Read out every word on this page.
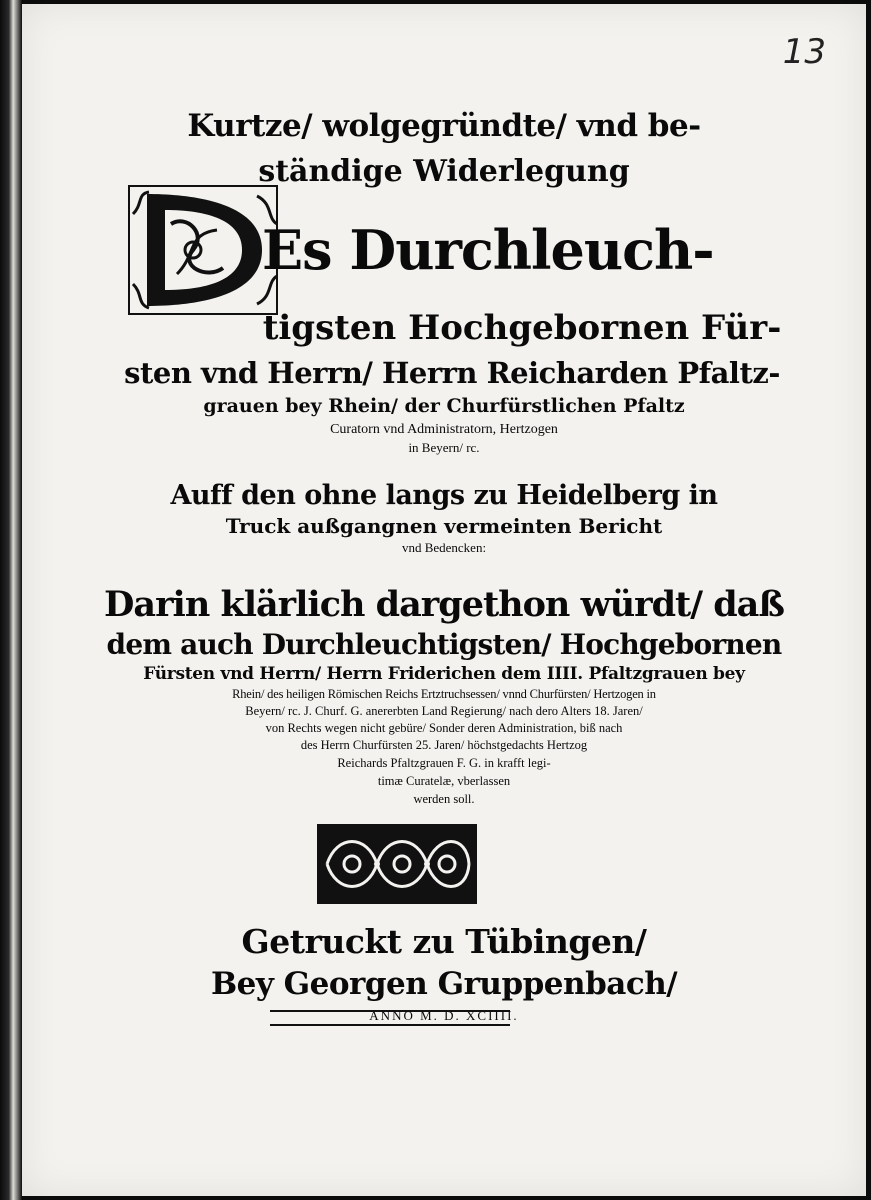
13
Kurtze/ wolgegründte/ vnd be-
ständige Widerlegung
Es Durchleuch-
tigsten Hochgebornen Für-
sten vnd Herrn/ Herrn Reicharden Pfaltz-
grauen bey Rhein/ der Churfürstlichen Pfaltz
Curatorn vnd Administratorn, Hertzogen
in Beyern/ rc.
Auff den ohne langs zu Heidelberg in
Truck außgangnen vermeinten Bericht
vnd Bedencken:
Darin klärlich dargethon würdt/ daß
dem auch Durchleuchtigsten/ Hochgebornen
Fürsten vnd Herrn/ Herrn Friderichen dem IIII. Pfaltzgrauen bey
Rhein/ des heiligen Römischen Reichs Ertztruchsessen/ vnnd Churfürsten/ Hertzogen in
Beyern/ rc. J. Churf. G. anererbten Land Regierung/ nach dero Alters 18. Jaren/
von Rechts wegen nicht gebüre/ Sonder deren Administration, biß nach
des Herrn Churfürsten 25. Jaren/ höchstgedachts Hertzog
Reichards Pfaltzgrauen F. G. in krafft legi-
timæ Curatelæ, vberlassen
werden soll.
Getruckt zu Tübingen/
Bey Georgen Gruppenbach/
ANNO M. D. XCIIII.
